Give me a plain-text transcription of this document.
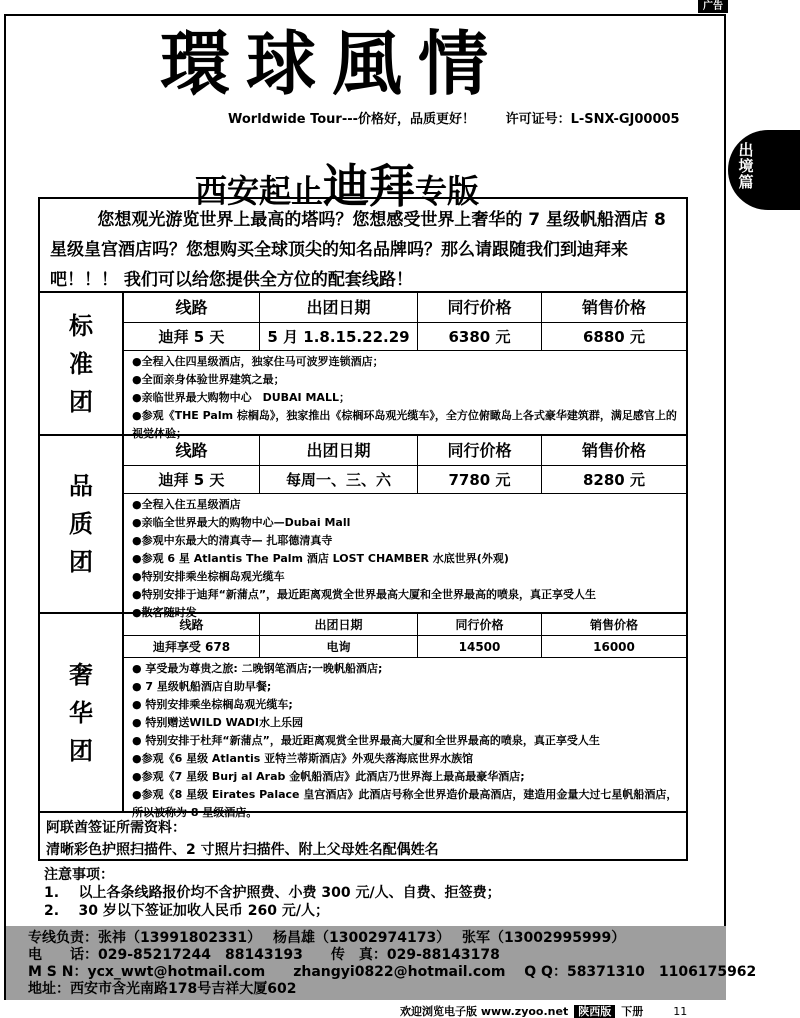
广告
出
境
篇
環球風情
Worldwide Tour---价格好，品质更好！ 许可证号：L-SNX-GJ00005
西安起止迪拜专版
您想观光游览世界上最高的塔吗？您想感受世界上奢华的 7 星级帆船酒店 8 星级皇宫酒店吗？您想购买全球顶尖的知名品牌吗？那么请跟随我们到迪拜来吧！！！ 我们可以给您提供全方位的配套线路！
标
准
团
线路	出团日期	同行价格	销售价格
迪拜 5 天	5 月 1.8.15.22.29	6380 元	6880 元
●全程入住四星级酒店，独家住马可波罗连锁酒店；
●全面亲身体验世界建筑之最；
●亲临世界最大购物中心　DUBAI MALL；
●参观《THE Palm 棕榈岛》，独家推出《棕榈环岛观光缆车》，全方位俯瞰岛上各式豪华建筑群，满足感官上的视觉体验；
品
质
团
线路	出团日期	同行价格	销售价格
迪拜 5 天	每周一、三、六	7780 元	8280 元
●全程入住五星级酒店
●亲临全世界最大的购物中心—Dubai Mall
●参观中东最大的清真寺— 扎耶德清真寺
●参观 6 星 Atlantis The Palm 酒店 LOST CHAMBER 水底世界(外观)
●特别安排乘坐棕榈岛观光缆车
●特别安排于迪拜“新蒲点”，最近距离观赏全世界最高大厦和全世界最高的喷泉，真正享受人生
●散客随时发
奢
华
团
线路	出团日期	同行价格	销售价格
迪拜享受 678	电询	14500	16000
● 享受最为尊贵之旅: 二晚钢笔酒店;一晚帆船酒店;
● 7 星级帆船酒店自助早餐;
● 特别安排乘坐棕榈岛观光缆车;
● 特别赠送WILD WADI水上乐园
● 特别安排于杜拜“新蒲点”，最近距离观赏全世界最高大厦和全世界最高的喷泉，真正享受人生
●参观《6 星级 Atlantis 亚特兰蒂斯酒店》外观失落海底世界水族馆
●参观《7 星级 Burj al Arab 金帆船酒店》此酒店乃世界海上最高最豪华酒店;
●参观《8 星级 Eirates Palace 皇宫酒店》此酒店号称全世界造价最高酒店，建造用金量大过七星帆船酒店，所以被称为 8 星级酒店。
阿联酋签证所需资料：
清晰彩色护照扫描件、2 寸照片扫描件、附上父母姓名配偶姓名
注意事项：
1.    以上各条线路报价均不含护照费、小费 300 元/人、自费、拒签费；
2.    30 岁以下签证加收人民币 260 元/人；
专线负责：张祎（13991802331）　 杨昌雄（13002974173）　 张军（13002995999）
电　　话：029-85217244　88143193　　传　真：029-88143178
M S N：ycx_wwt@hotmail.com　　zhangyi0822@hotmail.com　 Q Q：58371310　1106175962
地址：西安市含光南路178号吉祥大厦602
欢迎浏览电子版 www.zyoo.net 陕西版 下册	11
